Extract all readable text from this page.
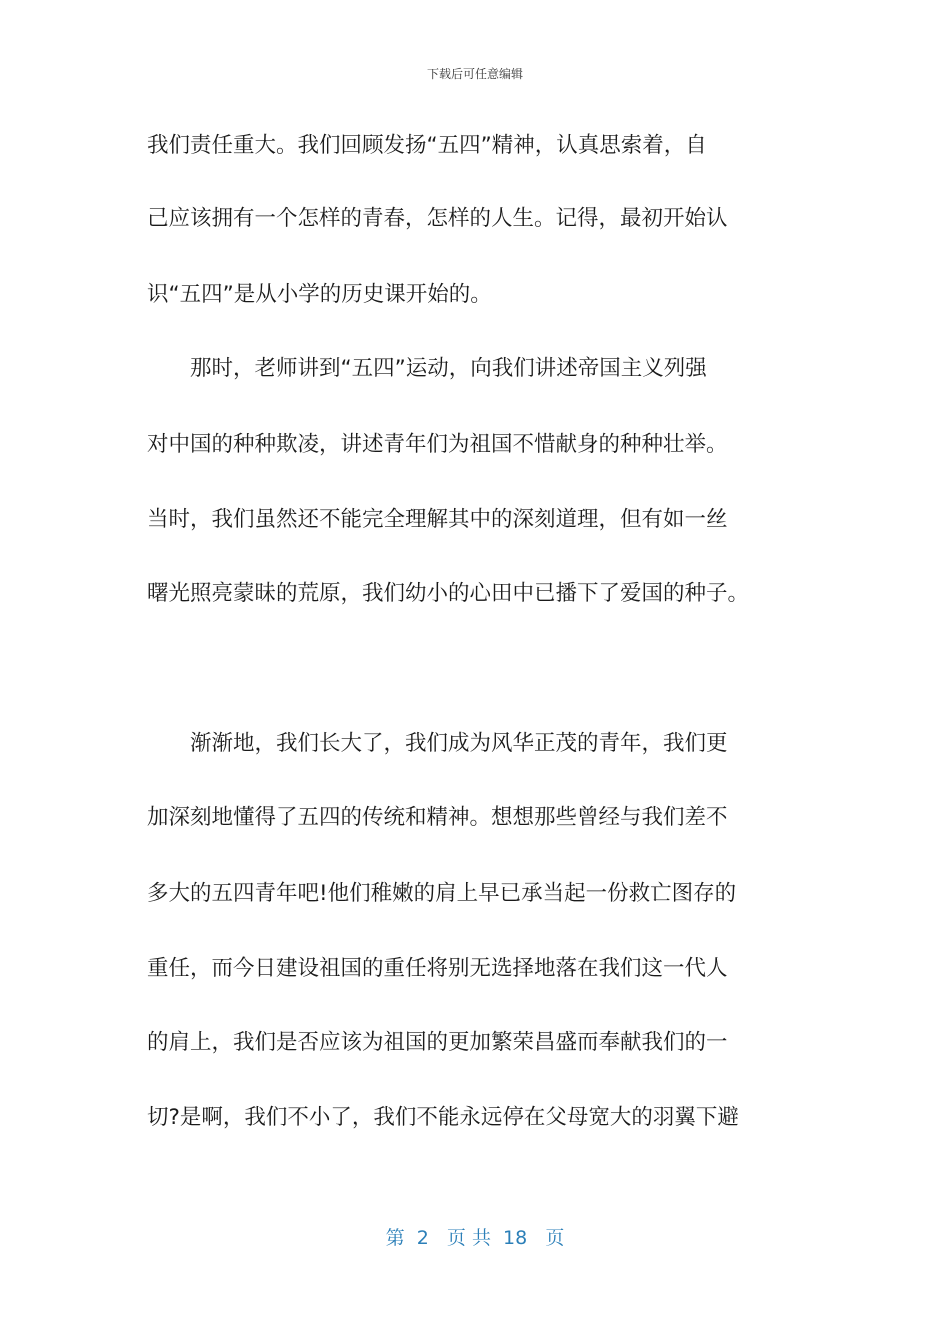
下载后可任意编辑
我们责任重大。我们回顾发扬“五四”精神，认真思索着，自
己应该拥有一个怎样的青春，怎样的人生。记得，最初开始认
识“五四”是从小学的历史课开始的。
　　那时，老师讲到“五四”运动，向我们讲述帝国主义列强
对中国的种种欺凌，讲述青年们为祖国不惜献身的种种壮举。
当时，我们虽然还不能完全理解其中的深刻道理，但有如一丝
曙光照亮蒙昧的荒原，我们幼小的心田中已播下了爱国的种子。
　　渐渐地，我们长大了，我们成为风华正茂的青年，我们更
加深刻地懂得了五四的传统和精神。想想那些曾经与我们差不
多大的五四青年吧!他们稚嫩的肩上早已承当起一份救亡图存的
重任，而今日建设祖国的重任将别无选择地落在我们这一代人
的肩上，我们是否应该为祖国的更加繁荣昌盛而奉献我们的一
切?是啊，我们不小了，我们不能永远停在父母宽大的羽翼下避
第  2   页 共  18   页
